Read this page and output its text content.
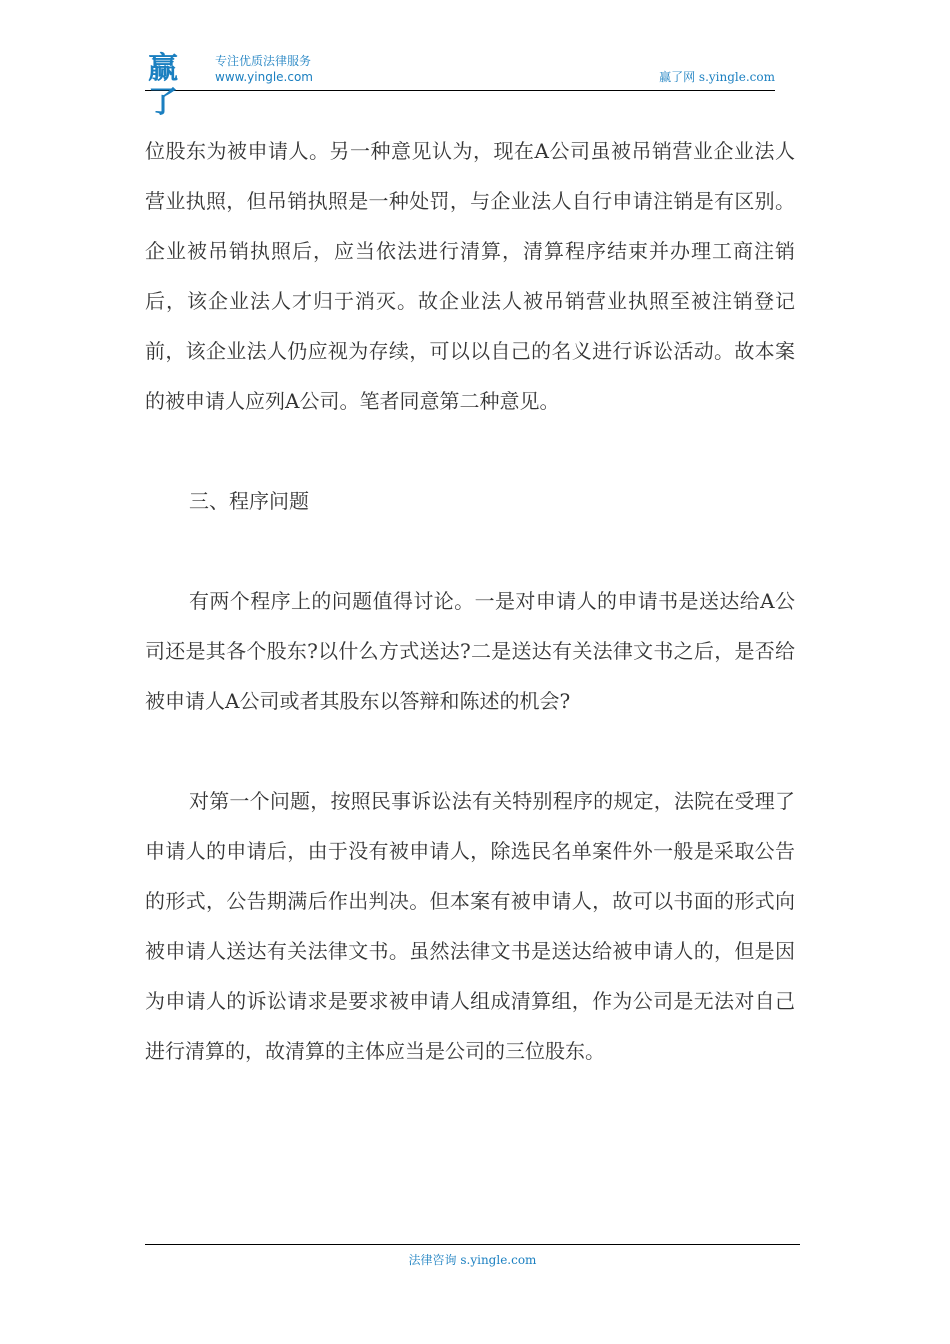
赢了
专注优质法律服务
www.yingle.com	赢了网 s.yingle.com

位股东为被申请人。另一种意见认为，现在A公司虽被吊销营业企业法人营业执照，但吊销执照是一种处罚，与企业法人自行申请注销是有区别。企业被吊销执照后，应当依法进行清算，清算程序结束并办理工商注销后，该企业法人才归于消灭。故企业法人被吊销营业执照至被注销登记前，该企业法人仍应视为存续，可以以自己的名义进行诉讼活动。故本案的被申请人应列A公司。笔者同意第二种意见。

三、程序问题

有两个程序上的问题值得讨论。一是对申请人的申请书是送达给A公司还是其各个股东?以什么方式送达?二是送达有关法律文书之后，是否给被申请人A公司或者其股东以答辩和陈述的机会?

对第一个问题，按照民事诉讼法有关特别程序的规定，法院在受理了申请人的申请后，由于没有被申请人，除选民名单案件外一般是采取公告的形式，公告期满后作出判决。但本案有被申请人，故可以书面的形式向被申请人送达有关法律文书。虽然法律文书是送达给被申请人的，但是因为申请人的诉讼请求是要求被申请人组成清算组，作为公司是无法对自己进行清算的，故清算的主体应当是公司的三位股东。

法律咨询 s.yingle.com
